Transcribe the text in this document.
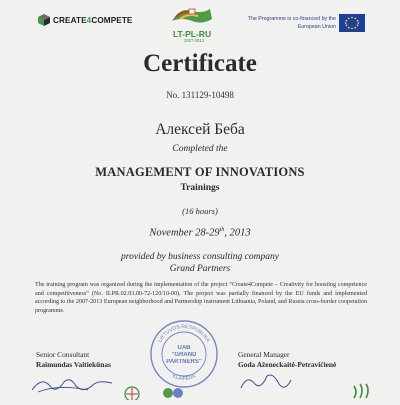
CREATE4COMPETE
LT-PL-RU
2007-2013
The Programme is co-financed by the
European Union
Certificate
No. 131129-10498
Алексей Беба
Completed the
MANAGEMENT OF INNOVATIONS
Trainings
(16 hours)
November 28-29th, 2013
provided by business consulting company
Grand Partners
The training program was organized during the implementation of the project “Create4Compete – Creativity for boosting competence and competitiveness” (No. ILPR.02.03.00-72-120/10-00). The project was partially financed by the EU funds and implemented according to the 2007-2013 European neighborhood and Partnership instrument Lithuania, Poland, and Russia cross-border cooperation programme.
LIETUVOS RESPUBLIKA
KLAIPĖDA
UAB
"GRAND
PARTNERS"
Senior Consultant
Raimundas Vaitiekūnas
General Manager
Goda Aženeckaitė-Petravičienė
